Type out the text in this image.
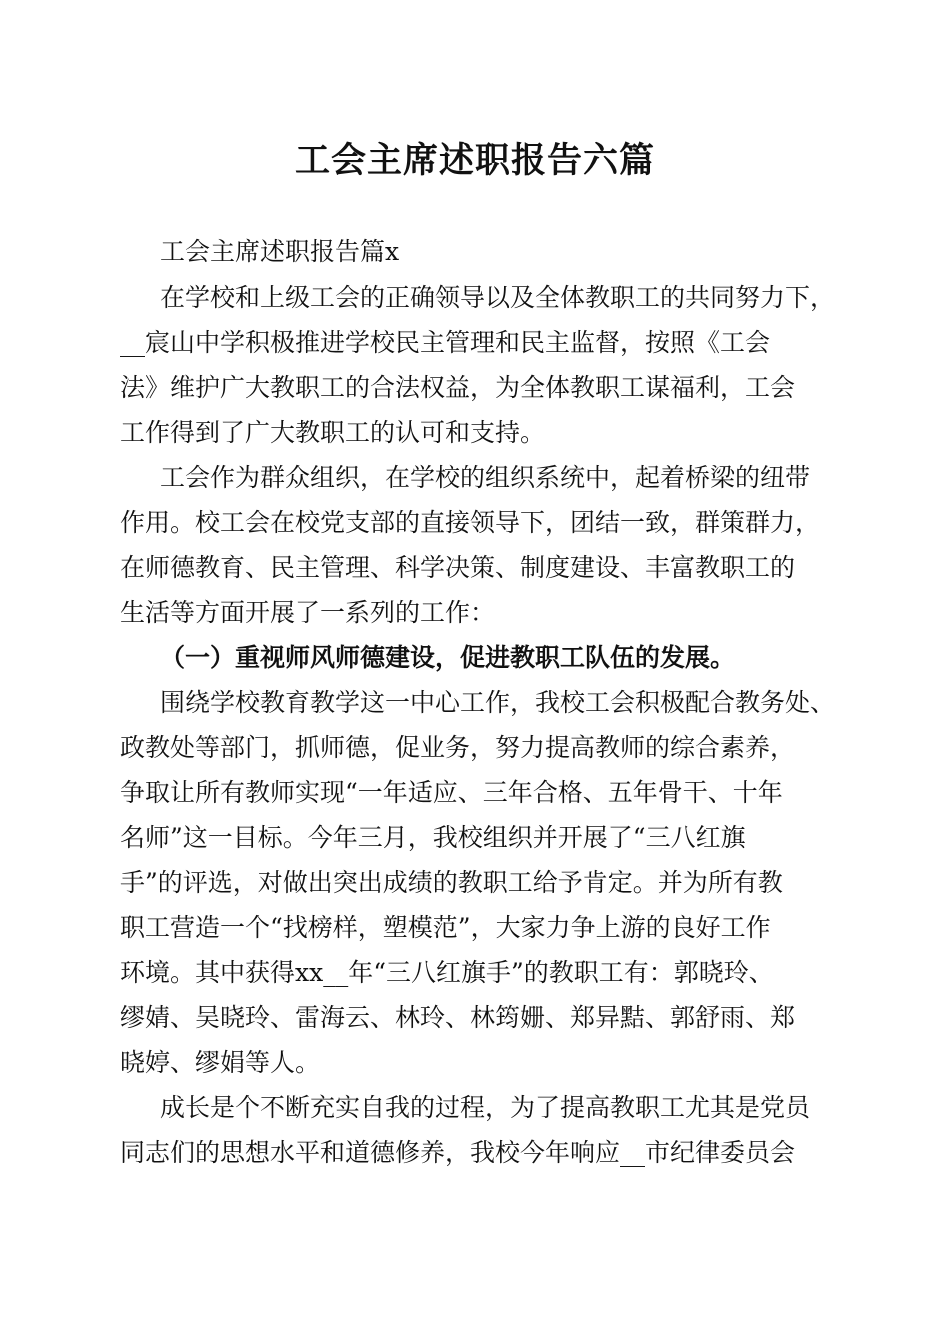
工会主席述职报告六篇
工会主席述职报告篇x
在学校和上级工会的正确领导以及全体教职工的共同努力下，
__宸山中学积极推进学校民主管理和民主监督，按照《工会
法》维护广大教职工的合法权益，为全体教职工谋福利，工会
工作得到了广大教职工的认可和支持。
工会作为群众组织，在学校的组织系统中，起着桥梁的纽带
作用。校工会在校党支部的直接领导下，团结一致，群策群力，
在师德教育、民主管理、科学决策、制度建设、丰富教职工的
生活等方面开展了一系列的工作：
（一）重视师风师德建设，促进教职工队伍的发展。
围绕学校教育教学这一中心工作，我校工会积极配合教务处、
政教处等部门，抓师德，促业务，努力提高教师的综合素养，
争取让所有教师实现“一年适应、三年合格、五年骨干、十年
名师”这一目标。今年三月，我校组织并开展了“三八红旗
手”的评选，对做出突出成绩的教职工给予肯定。并为所有教
职工营造一个“找榜样，塑模范”，大家力争上游的良好工作
环境。其中获得xx__年“三八红旗手”的教职工有：郭晓玲、
缪婧、吴晓玲、雷海云、林玲、林筠姗、郑异黠、郭舒雨、郑
晓婷、缪娟等人。
成长是个不断充实自我的过程，为了提高教职工尤其是党员
同志们的思想水平和道德修养，我校今年响应__市纪律委员会
